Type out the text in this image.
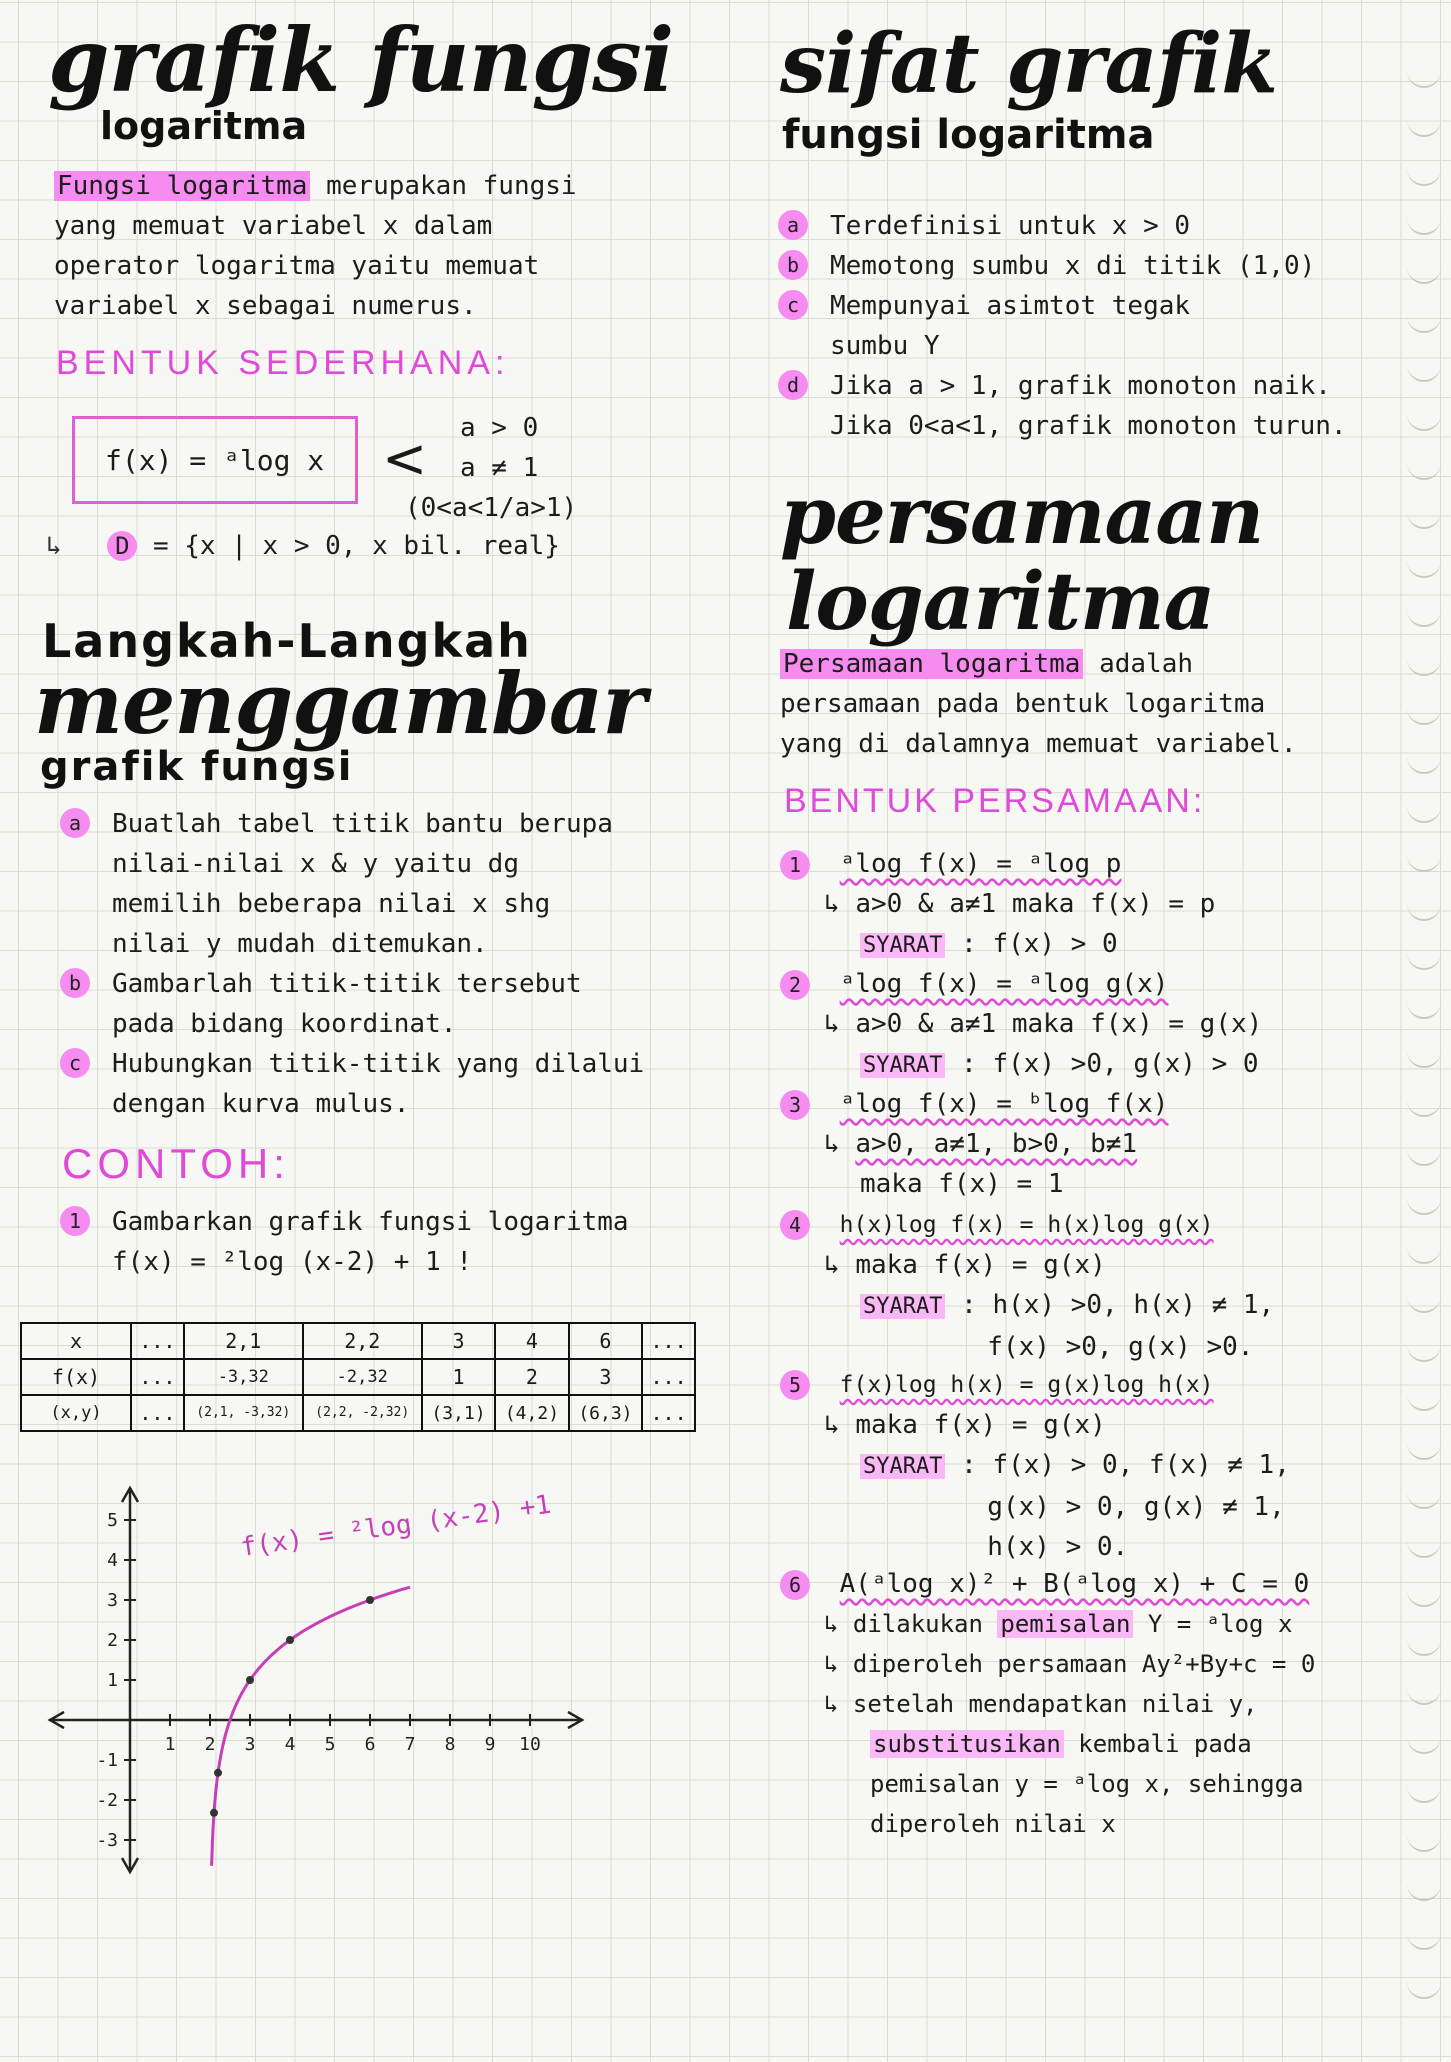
grafik fungsi
logaritma
Fungsi logaritma merupakan fungsi
yang memuat variabel x dalam
operator logaritma yaitu memuat
variabel x sebagai numerus.
BENTUK SEDERHANA:
f(x) = ᵃlog x < a > 0
a ≠ 1
(0<a<1/a>1)
↳ D = {x | x > 0, x bil. real}
Langkah-Langkah
menggambar
grafik fungsi
a	Buatlah tabel titik bantu berupa
nilai-nilai x & y yaitu dg
memilih beberapa nilai x shg
nilai y mudah ditemukan.
b	Gambarlah titik-titik tersebut
pada bidang koordinat.
c	Hubungkan titik-titik yang dilalui
dengan kurva mulus.
CONTOH:
1	Gambarkan grafik fungsi logaritma
f(x) = ²log (x-2) + 1 !
x	...	2,1	2,2	3	4	6	...
f(x)	...	-3,32	-2,32	1	2	3	...
(x,y)	...	(2,1, -3,32)	(2,2, -2,32)	(3,1)	(4,2)	(6,3)	...
1 2 3 4 5 6 7 8 9 10
5
4
3
2
1
-1
-2
-3
f(x) = ²log (x-2) +1
sifat grafik
fungsi logaritma
a	Terdefinisi untuk x > 0
b	Memotong sumbu x di titik (1,0)
c	Mempunyai asimtot tegak
sumbu Y
d	Jika a > 1, grafik monoton naik.
Jika 0<a<1, grafik monoton turun.
persamaan
logaritma
Persamaan logaritma adalah
persamaan pada bentuk logaritma
yang di dalamnya memuat variabel.
BENTUK PERSAMAAN:
1 ᵃlog f(x) = ᵃlog p
↳ a>0 & a≠1 maka f(x) = p
SYARAT : f(x) > 0
2 ᵃlog f(x) = ᵃlog g(x)
↳ a>0 & a≠1 maka f(x) = g(x)
SYARAT : f(x) >0, g(x) > 0
3 ᵃlog f(x) = ᵇlog f(x)
↳ a>0, a≠1, b>0, b≠1
maka f(x) = 1
4 h(x)log f(x) = h(x)log g(x)
↳ maka f(x) = g(x)
SYARAT : h(x) >0, h(x) ≠ 1,
f(x) >0, g(x) >0.
5 f(x)log h(x) = g(x)log h(x)
↳ maka f(x) = g(x)
SYARAT : f(x) > 0, f(x) ≠ 1,
g(x) > 0, g(x) ≠ 1,
h(x) > 0.
6 A(ᵃlog x)² + B(ᵃlog x) + C = 0
↳ dilakukan pemisalan Y = ᵃlog x
↳ diperoleh persamaan Ay²+By+c = 0
↳ setelah mendapatkan nilai y,
substitusikan kembali pada
pemisalan y = ᵃlog x, sehingga
diperoleh nilai x
